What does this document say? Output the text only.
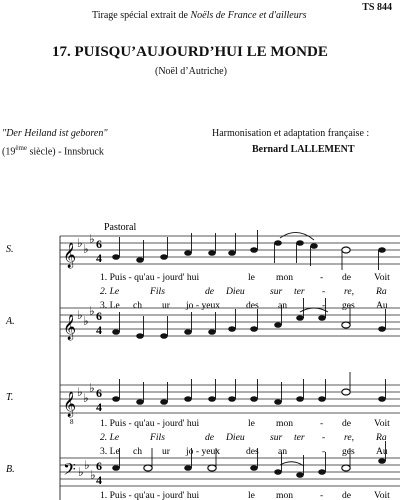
TS 844
Tirage spécial extrait de Noëls de France et d'ailleurs
17. PUISQU’AUJOURD’HUI LE MONDE
(Noël d’Autriche)
"Der Heiland ist geboren"
(19ème siècle) - Innsbruck
Harmonisation et adaptation française :
Bernard LALLEMENT
Pastoral
S.
A.
T.
B.
𝄞 ♭ ♭
♭ 6
4
1. Puis - qu'au - jourd' hui	le mon	- de Voit
2. Le	Fils	de Dieu	sur ter - re, Ra
3. Le ch ur jo - yeux	des an	- ges Au
𝄞 ♭ ♭
♭ 6
4
𝄞
8
♭ ♭
♭ 6
4
1. Puis - qu'au - jourd' hui	le mon	- de Voit
2. Le	Fils	de Dieu	sur ter - re, Ra
3. Le ch ur jo - yeux	des an	- ges Au
𝄢 ♭ ♭
♭
6
4
1. Puis - qu'au - jourd' hui	le mon	- de Voit
